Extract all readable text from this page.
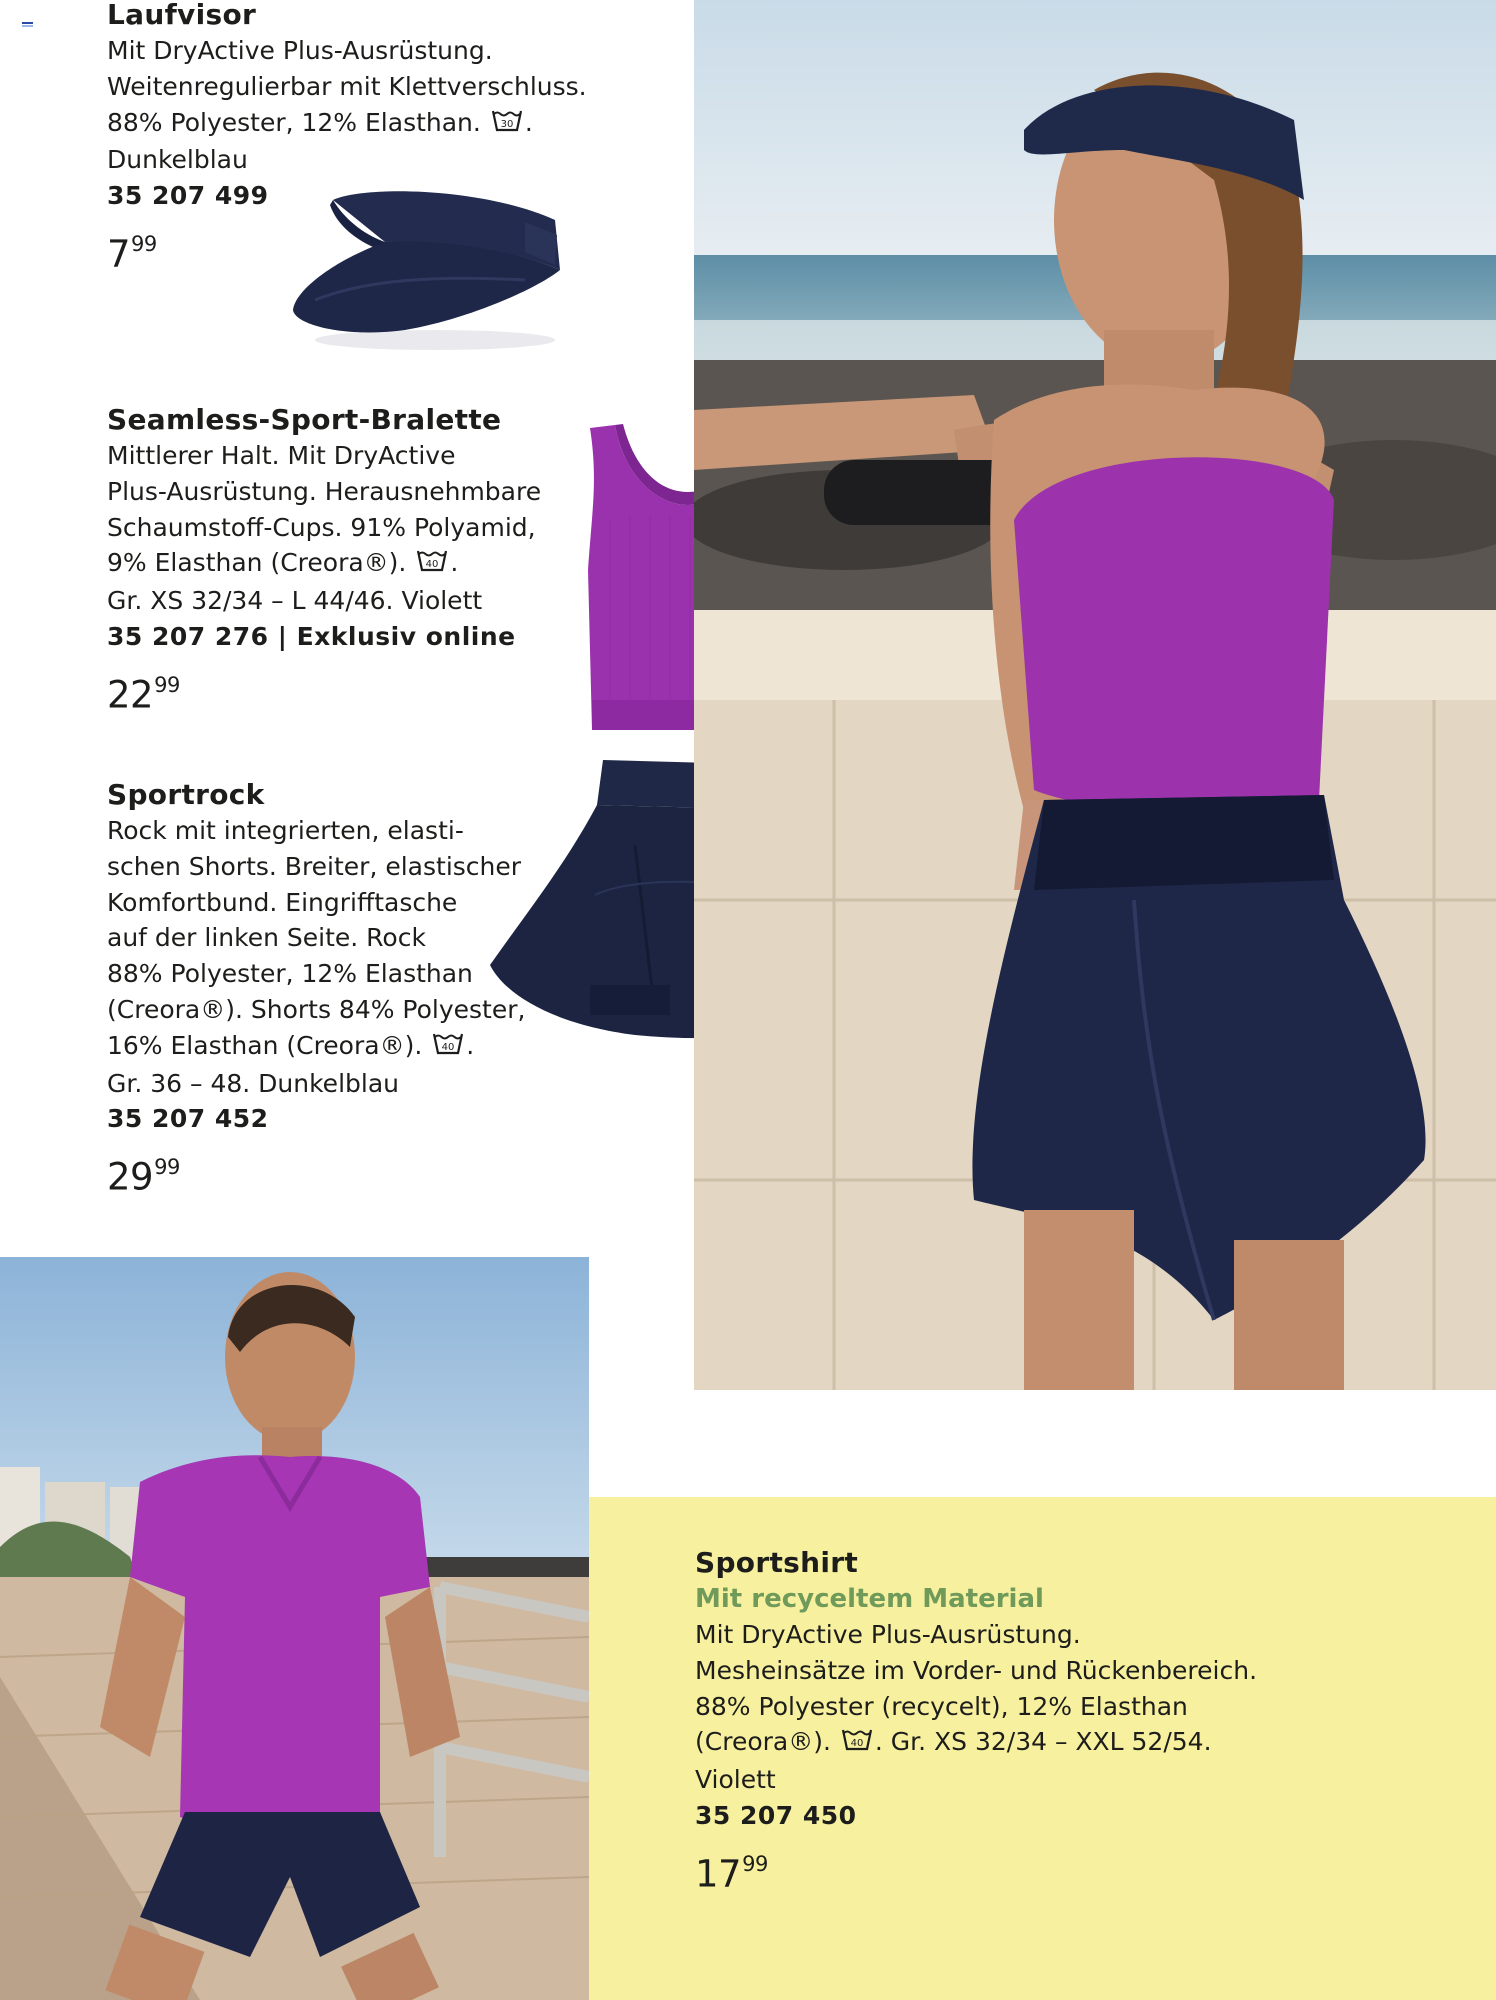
Laufvisor
Mit DryActive Plus-Ausrüstung.
Weitenregulierbar mit Klettverschluss.
88% Polyester, 12% Elasthan. 30 .
Dunkelblau
35 207 499
$7^{99}$
Seamless-Sport-Bralette
Mittlerer Halt. Mit DryActive
Plus-Ausrüstung. Herausnehmbare
Schaumstoff-Cups. 91% Polyamid,
9% Elasthan (Creora®). 40 .
Gr. XS 32/34 – L 44/46. Violett
35 207 276 | Exklusiv online
$22^{99}$
Sportrock
Rock mit integrierten, elasti-
schen Shorts. Breiter, elastischer
Komfortbund. Eingrifftasche
auf der linken Seite. Rock
88% Polyester, 12% Elasthan
(Creora®). Shorts 84% Polyester,
16% Elasthan (Creora®). 40 .
Gr. 36 – 48. Dunkelblau
35 207 452
$29^{99}$
Sportshirt
Mit recyceltem Material
Mit DryActive Plus-Ausrüstung.
Mesheinsätze im Vorder- und Rückenbereich.
88% Polyester (recycelt), 12% Elasthan
(Creora®). 40 . Gr. XS 32/34 – XXL 52/54.
Violett
35 207 450
$17^{99}$
